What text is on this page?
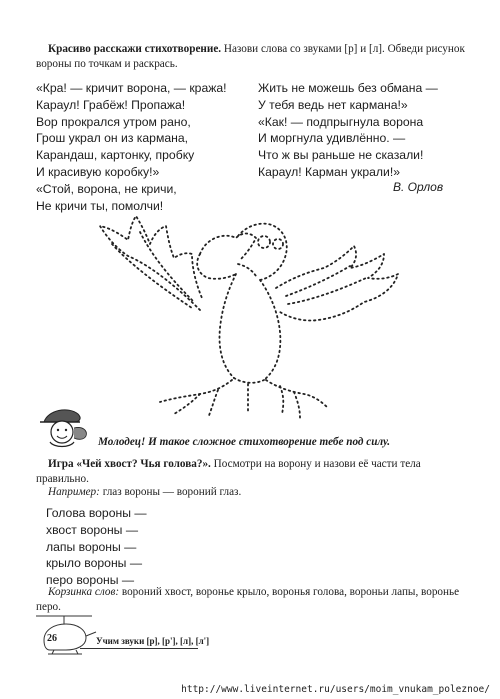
Красиво расскажи стихотворение. Назови слова со звуками [р] и [л]. Обведи рисунок вороны по точкам и раскрась.

«Кра! — кричит ворона, — кража!
Караул! Грабёж! Пропажа!
Вор прокрался утром рано,
Грош украл он из кармана,
Карандаш, картонку, пробку
И красивую коробку!»
«Стой, ворона, не кричи,
Не кричи ты, помолчи!
Жить не можешь без обмана —
У тебя ведь нет кармана!»
«Как! — подпрыгнула ворона
И моргнула удивлённо. —
Что ж вы раньше не сказали!
Караул! Карман украли!»
В. Орлов
Молодец! И такое сложное стихотворение тебе под силу.

Игра «Чей хвост? Чья голова?». Посмотри на ворону и назови её части тела правильно.

Например: глаз вороны — вороний глаз.
Голова вороны —
хвост вороны —
лапы вороны —
крыло вороны —
перо вороны —

Корзинка слов: вороний хвост, воронье крыло, воронья голова, вороньи лапы, воронье перо.

26	Учим звуки [р], [р'], [л], [л']
http://www.liveinternet.ru/users/moim_vnukam_poleznoe/
